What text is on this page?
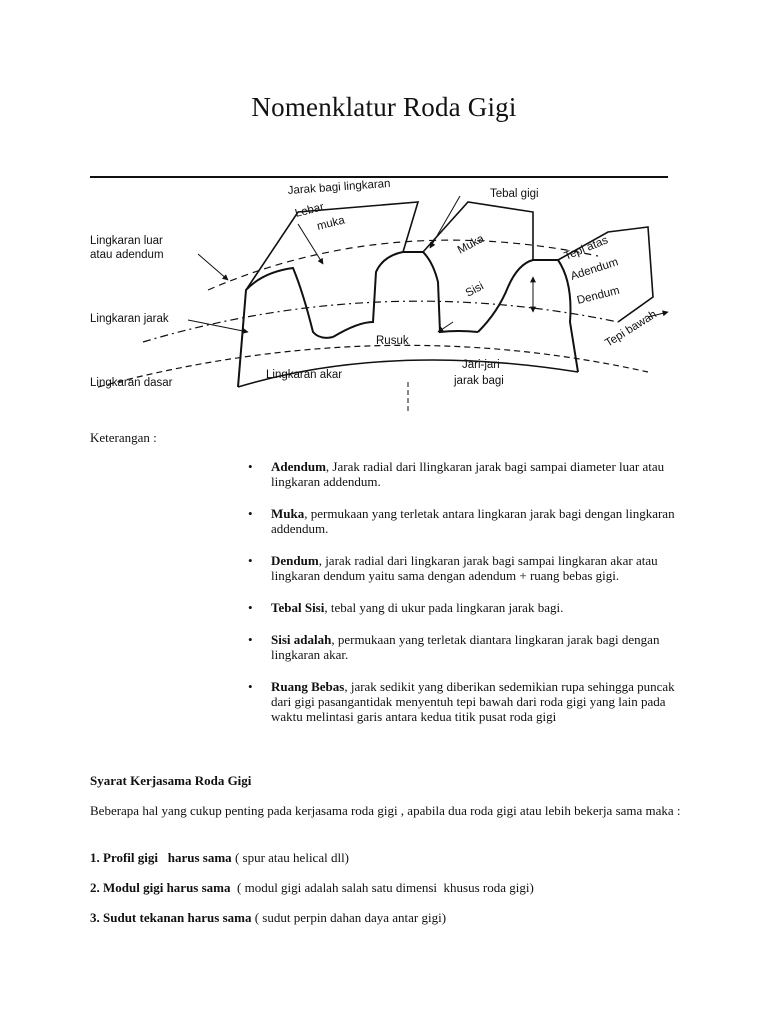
Nomenklatur Roda Gigi
Jarak bagi lingkaran
Lebar
muka
Tebal gigi
Lingkaran luar
atau adendum	Muka	Tepi atas
Adendum
Sisi	Dendum
Lingkaran jarak	Tepi bawah
Rusuk
Jari-jari
jarak bagi
Lingkaran akar
Lingkaran dasar
Keterangan :
• Adendum, Jarak radial dari llingkaran jarak bagi sampai diameter luar atau lingkaran addendum.
• Muka, permukaan yang terletak antara lingkaran jarak bagi dengan lingkaran addendum.
• Dendum, jarak radial dari lingkaran jarak bagi sampai lingkaran akar atau lingkaran dendum yaitu sama dengan adendum + ruang bebas gigi.
• Tebal Sisi, tebal yang di ukur pada lingkaran jarak bagi.
• Sisi adalah, permukaan yang terletak diantara lingkaran jarak bagi dengan lingkaran akar.
• Ruang Bebas, jarak sedikit yang diberikan sedemikian rupa sehingga puncak dari gigi pasangantidak menyentuh tepi bawah dari roda gigi yang lain pada waktu melintasi garis antara kedua titik pusat roda gigi
Syarat Kerjasama Roda Gigi
Beberapa hal yang cukup penting pada kerjasama roda gigi , apabila dua roda gigi atau lebih bekerja sama maka :
1. Profil gigi   harus sama ( spur atau helical dll)
2. Modul gigi harus sama  ( modul gigi adalah salah satu dimensi  khusus roda gigi)
3. Sudut tekanan harus sama ( sudut perpin dahan daya antar gigi)
